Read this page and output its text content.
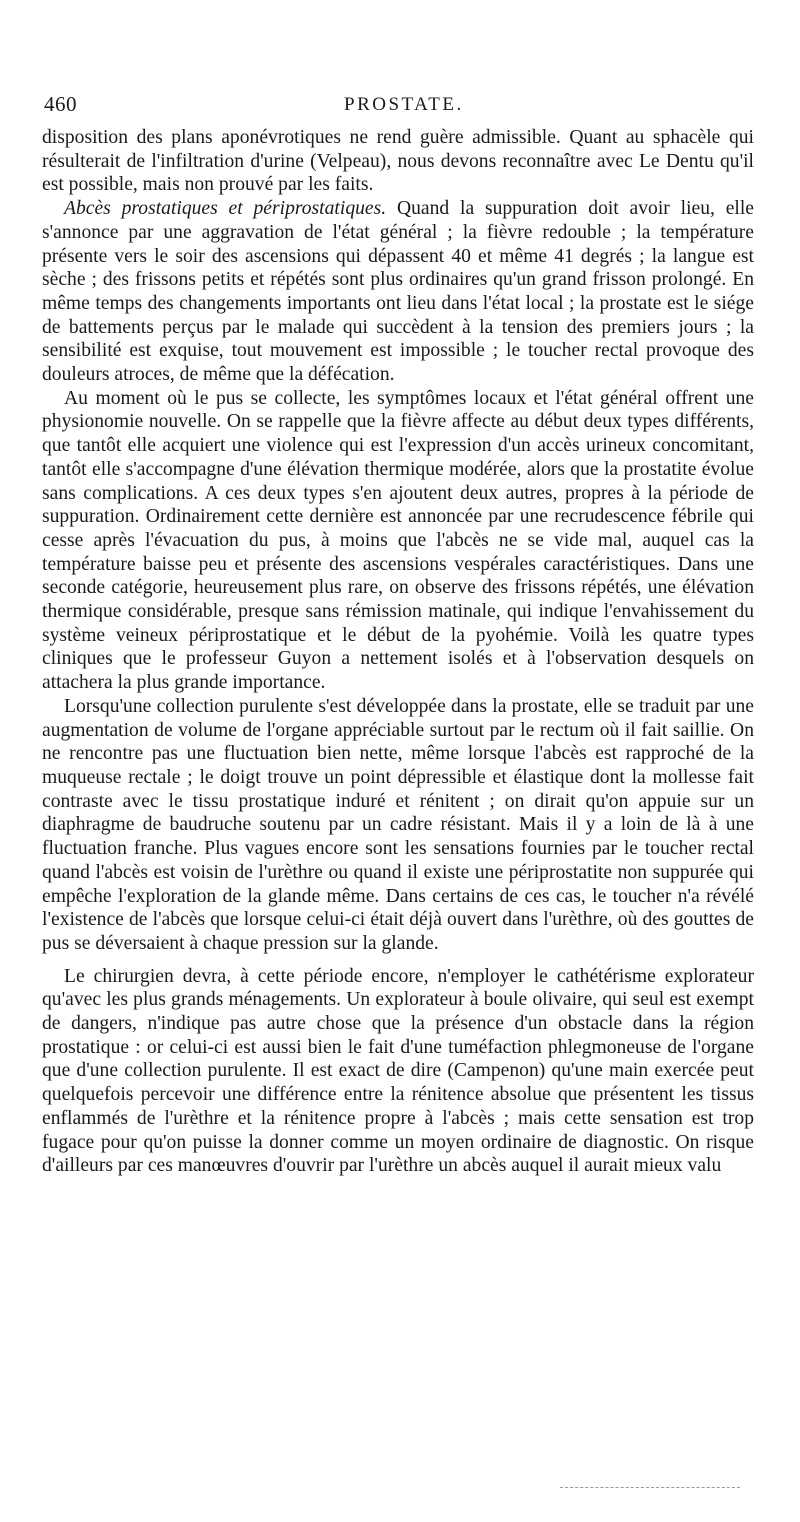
460	PROSTATE.

disposition des plans aponévrotiques ne rend guère admissible. Quant au sphacèle qui résulterait de l'infiltration d'urine (Velpeau), nous devons reconnaître avec Le Dentu qu'il est possible, mais non prouvé par les faits.

Abcès prostatiques et périprostatiques. Quand la suppuration doit avoir lieu, elle s'annonce par une aggravation de l'état général ; la fièvre redouble ; la température présente vers le soir des ascensions qui dépassent 40 et même 41 degrés ; la langue est sèche ; des frissons petits et répétés sont plus ordinaires qu'un grand frisson prolongé. En même temps des changements importants ont lieu dans l'état local ; la prostate est le siége de battements perçus par le malade qui succèdent à la tension des premiers jours ; la sensibilité est exquise, tout mouvement est impossible ; le toucher rectal provoque des douleurs atroces, de même que la défécation.

Au moment où le pus se collecte, les symptômes locaux et l'état général offrent une physionomie nouvelle. On se rappelle que la fièvre affecte au début deux types différents, que tantôt elle acquiert une violence qui est l'expression d'un accès urineux concomitant, tantôt elle s'accompagne d'une élévation thermique modérée, alors que la prostatite évolue sans complications. A ces deux types s'en ajoutent deux autres, propres à la période de suppuration. Ordinairement cette dernière est annoncée par une recrudescence fébrile qui cesse après l'évacuation du pus, à moins que l'abcès ne se vide mal, auquel cas la température baisse peu et présente des ascensions vespérales caractéristiques. Dans une seconde catégorie, heureusement plus rare, on observe des frissons répétés, une élévation thermique considérable, presque sans rémission matinale, qui indique l'envahissement du système veineux périprostatique et le début de la pyohémie. Voilà les quatre types cliniques que le professeur Guyon a nettement isolés et à l'observation desquels on attachera la plus grande importance.

Lorsqu'une collection purulente s'est développée dans la prostate, elle se traduit par une augmentation de volume de l'organe appréciable surtout par le rectum où il fait saillie. On ne rencontre pas une fluctuation bien nette, même lorsque l'abcès est rapproché de la muqueuse rectale ; le doigt trouve un point dépressible et élastique dont la mollesse fait contraste avec le tissu prostatique induré et rénitent ; on dirait qu'on appuie sur un diaphragme de baudruche soutenu par un cadre résistant. Mais il y a loin de là à une fluctuation franche. Plus vagues encore sont les sensations fournies par le toucher rectal quand l'abcès est voisin de l'urèthre ou quand il existe une périprostatite non suppurée qui empêche l'exploration de la glande même. Dans certains de ces cas, le toucher n'a révélé l'existence de l'abcès que lorsque celui-ci était déjà ouvert dans l'urèthre, où des gouttes de pus se déversaient à chaque pression sur la glande.

Le chirurgien devra, à cette période encore, n'employer le cathétérisme explorateur qu'avec les plus grands ménagements. Un explorateur à boule olivaire, qui seul est exempt de dangers, n'indique pas autre chose que la présence d'un obstacle dans la région prostatique : or celui-ci est aussi bien le fait d'une tuméfaction phlegmoneuse de l'organe que d'une collection purulente. Il est exact de dire (Campenon) qu'une main exercée peut quelquefois percevoir une différence entre la rénitence absolue que présentent les tissus enflammés de l'urèthre et la rénitence propre à l'abcès ; mais cette sensation est trop fugace pour qu'on puisse la donner comme un moyen ordinaire de diagnostic. On risque d'ailleurs par ces manœuvres d'ouvrir par l'urèthre un abcès auquel il aurait mieux valu
